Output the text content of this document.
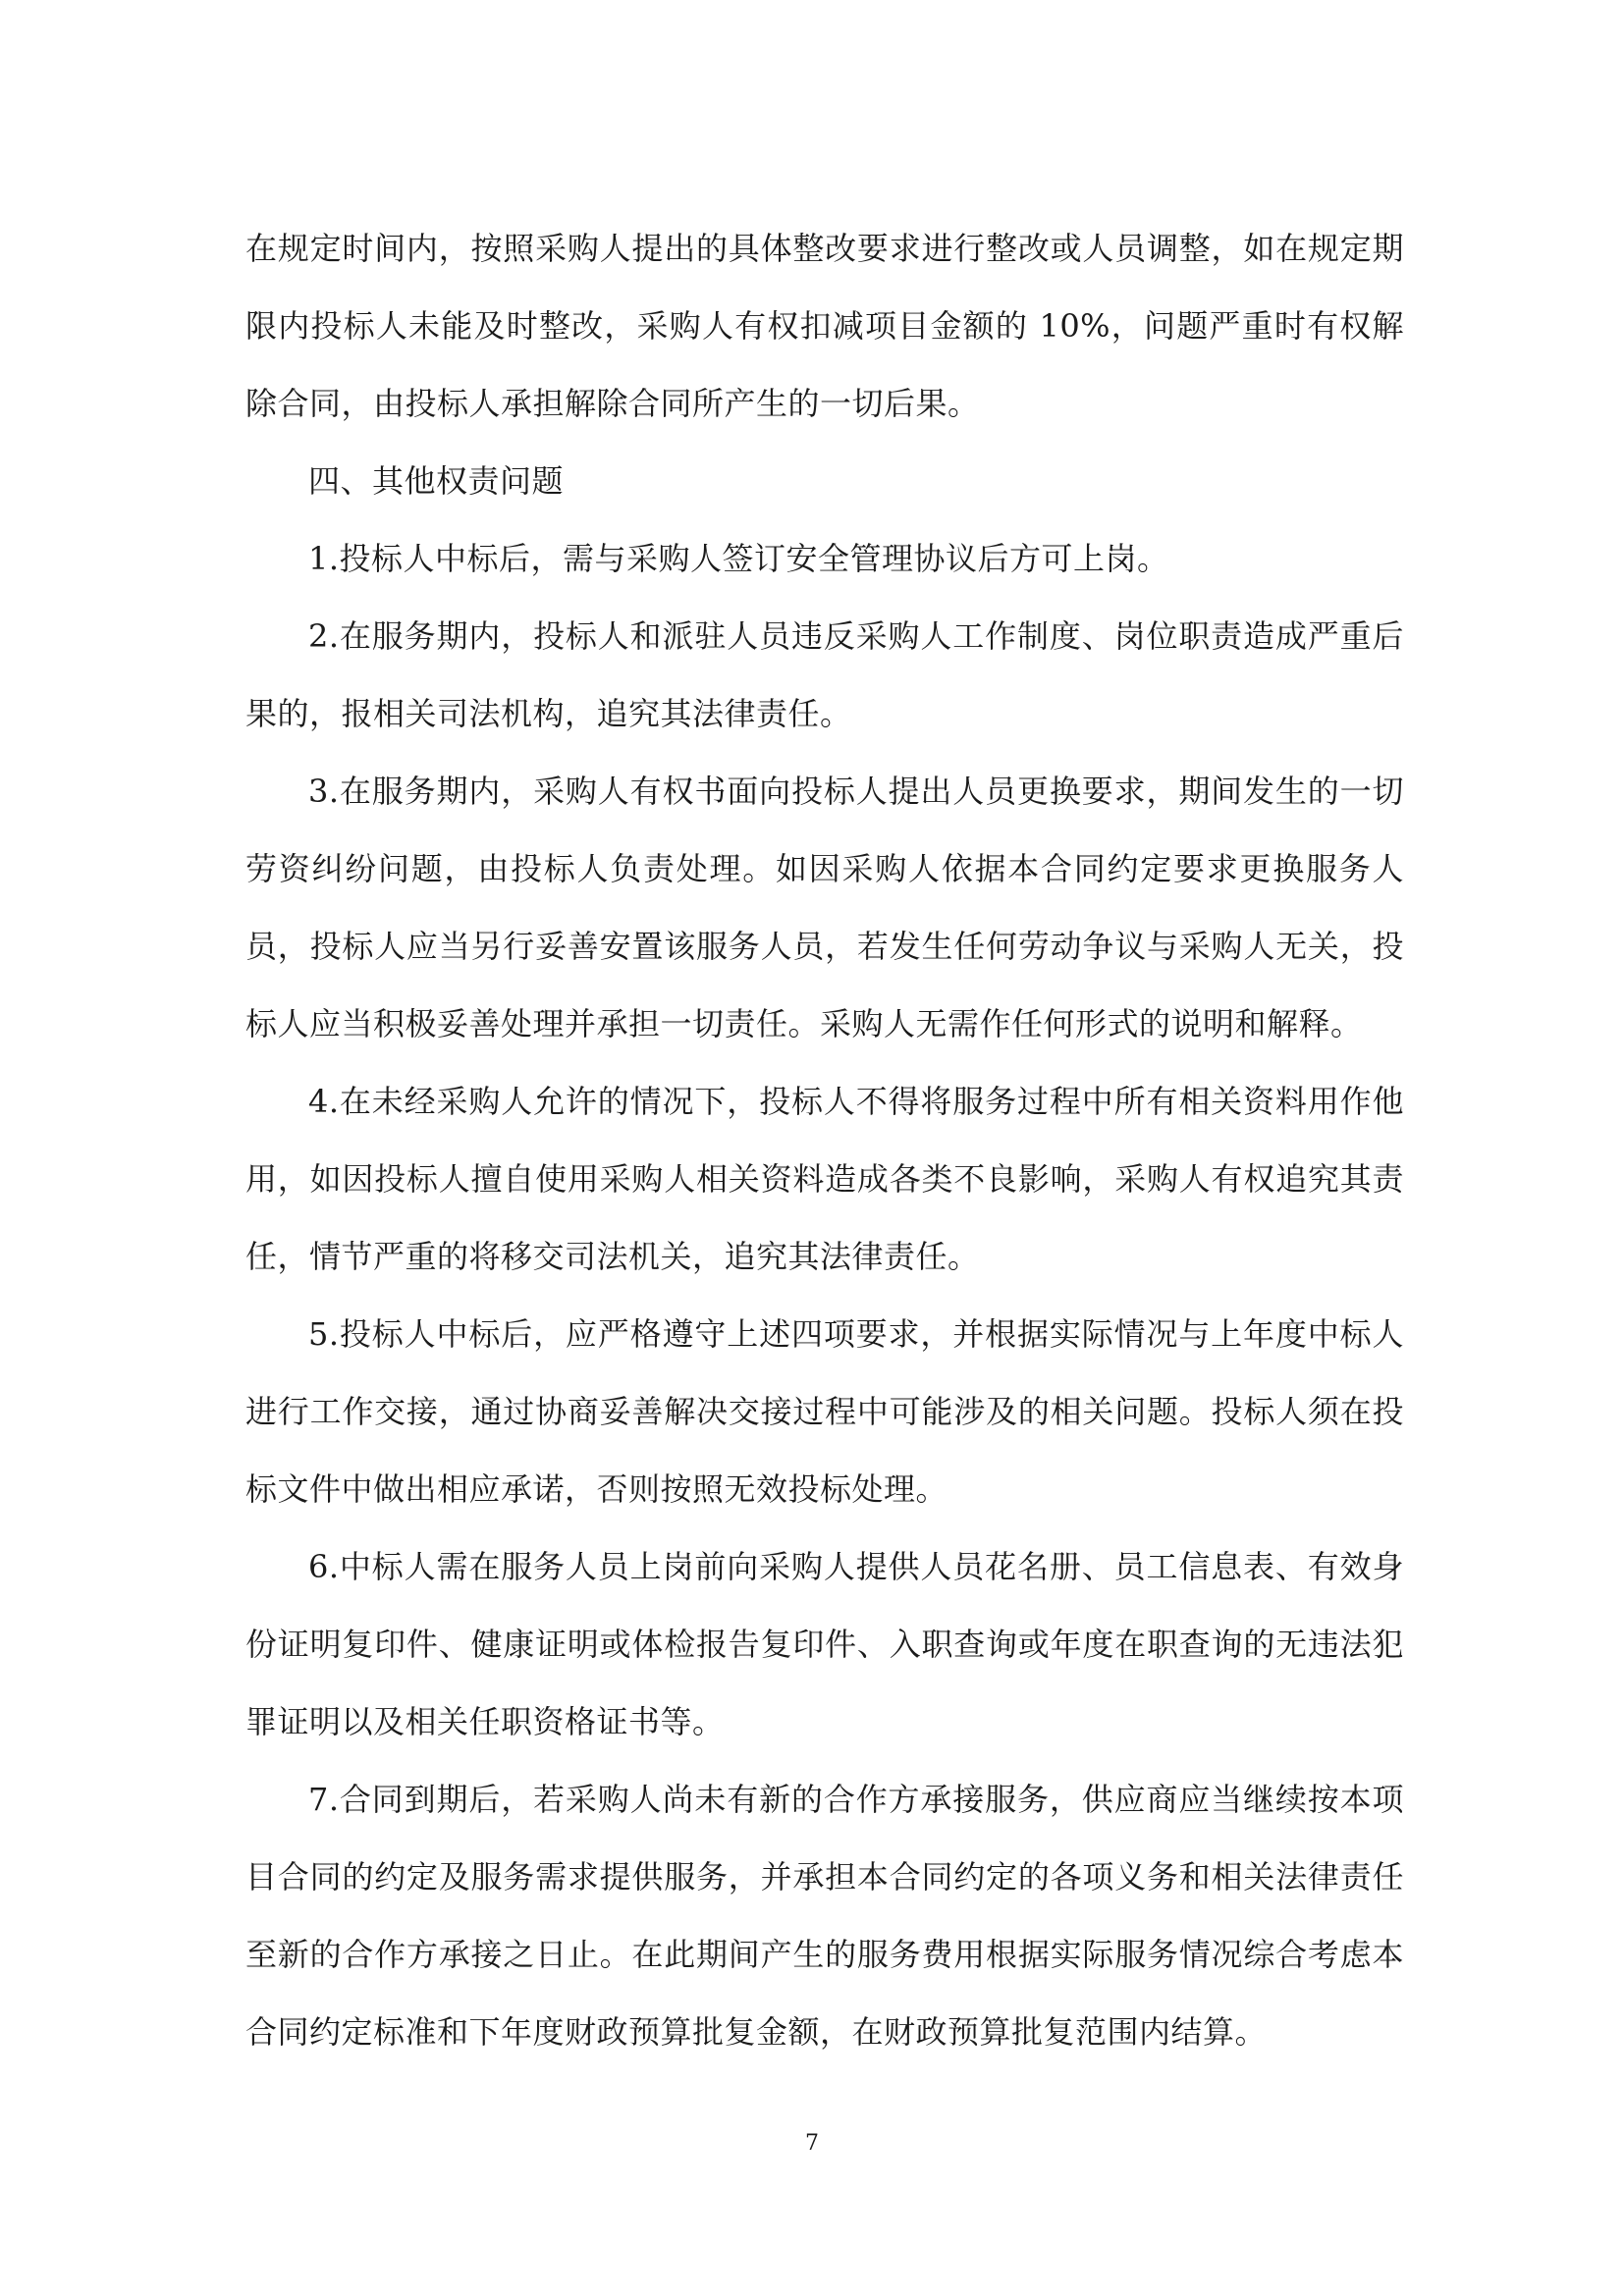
在规定时间内，按照采购人提出的具体整改要求进行整改或人员调整，如在规定期限内投标人未能及时整改，采购人有权扣减项目金额的 10%，问题严重时有权解除合同，由投标人承担解除合同所产生的一切后果。

四、其他权责问题

1.投标人中标后，需与采购人签订安全管理协议后方可上岗。

2.在服务期内，投标人和派驻人员违反采购人工作制度、岗位职责造成严重后果的，报相关司法机构，追究其法律责任。

3.在服务期内，采购人有权书面向投标人提出人员更换要求，期间发生的一切劳资纠纷问题，由投标人负责处理。如因采购人依据本合同约定要求更换服务人员，投标人应当另行妥善安置该服务人员，若发生任何劳动争议与采购人无关，投标人应当积极妥善处理并承担一切责任。采购人无需作任何形式的说明和解释。

4.在未经采购人允许的情况下，投标人不得将服务过程中所有相关资料用作他用，如因投标人擅自使用采购人相关资料造成各类不良影响，采购人有权追究其责任，情节严重的将移交司法机关，追究其法律责任。

5.投标人中标后，应严格遵守上述四项要求，并根据实际情况与上年度中标人进行工作交接，通过协商妥善解决交接过程中可能涉及的相关问题。投标人须在投标文件中做出相应承诺，否则按照无效投标处理。

6.中标人需在服务人员上岗前向采购人提供人员花名册、员工信息表、有效身份证明复印件、健康证明或体检报告复印件、入职查询或年度在职查询的无违法犯罪证明以及相关任职资格证书等。

7.合同到期后，若采购人尚未有新的合作方承接服务，供应商应当继续按本项目合同的约定及服务需求提供服务，并承担本合同约定的各项义务和相关法律责任至新的合作方承接之日止。在此期间产生的服务费用根据实际服务情况综合考虑本合同约定标准和下年度财政预算批复金额，在财政预算批复范围内结算。

7
